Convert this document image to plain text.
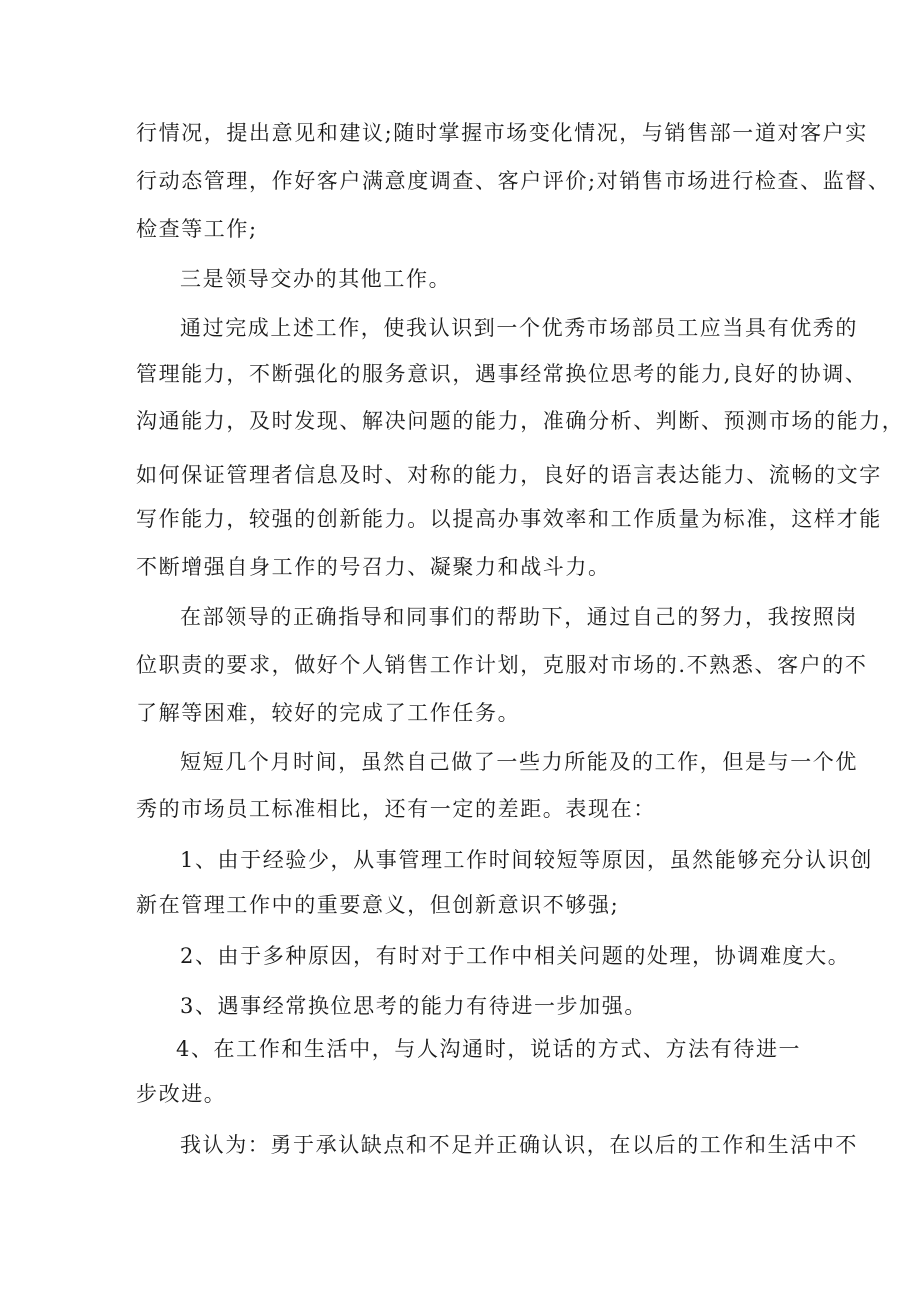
行情况，提出意见和建议;随时掌握市场变化情况，与销售部一道对客户实
行动态管理，作好客户满意度调查、客户评价;对销售市场进行检查、监督、
检查等工作;
三是领导交办的其他工作。
通过完成上述工作，使我认识到一个优秀市场部员工应当具有优秀的
管理能力，不断强化的服务意识，遇事经常换位思考的能力,良好的协调、
沟通能力，及时发现、解决问题的能力，准确分析、判断、预测市场的能力，
如何保证管理者信息及时、对称的能力，良好的语言表达能力、流畅的文字
写作能力，较强的创新能力。以提高办事效率和工作质量为标准，这样才能
不断增强自身工作的号召力、凝聚力和战斗力。
在部领导的正确指导和同事们的帮助下，通过自己的努力，我按照岗
位职责的要求，做好个人销售工作计划，克服对市场的.不熟悉、客户的不
了解等困难，较好的完成了工作任务。
短短几个月时间，虽然自己做了一些力所能及的工作，但是与一个优
秀的市场员工标准相比，还有一定的差距。表现在：
1、由于经验少，从事管理工作时间较短等原因，虽然能够充分认识创
新在管理工作中的重要意义，但创新意识不够强;
2、由于多种原因，有时对于工作中相关问题的处理，协调难度大。
3、遇事经常换位思考的能力有待进一步加强。
4、在工作和生活中，与人沟通时，说话的方式、方法有待进一
步改进。
我认为：勇于承认缺点和不足并正确认识，在以后的工作和生活中不
